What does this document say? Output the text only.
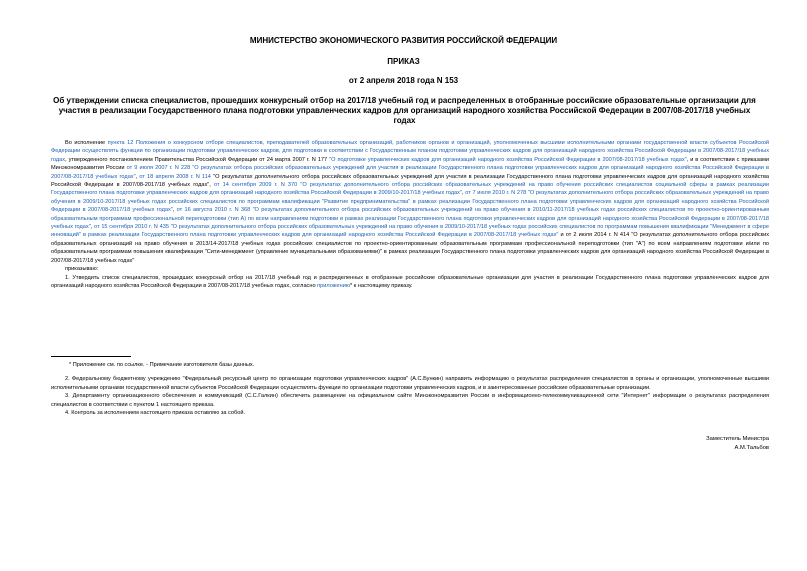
МИНИСТЕРСТВО ЭКОНОМИЧЕСКОГО РАЗВИТИЯ РОССИЙСКОЙ ФЕДЕРАЦИИ
ПРИКАЗ
от 2 апреля 2018 года N 153
Об утверждении списка специалистов, прошедших конкурсный отбор на 2017/18 учебный год и распределенных в отобранные российские образовательные организации для участия в реализации Государственного плана подготовки управленческих кадров для организаций народного хозяйства Российской Федерации в 2007/08-2017/18 учебных годах

Во исполнение пункта 12 Положения о конкурсном отборе специалистов, преподавателей образовательных организаций, работников органов и организаций, уполномоченных высшими исполнительными органами государственной власти субъектов Российской Федерации осуществлять функции по организации подготовки управленческих кадров, для подготовки в соответствии с Государственным планом подготовки управленческих кадров для организаций народного хозяйства Российской Федерации в 2007/08-2017/18 учебных годах, утвержденного постановлением Правительства Российской Федерации от 24 марта 2007 г. N 177 "О подготовке управленческих кадров для организаций народного хозяйства Российской Федерации в 2007/08-2017/18 учебных годах", и в соответствии с приказами Минэкономразвития России от 9 июля 2007 г. N 228 "О результатах отбора российских образовательных учреждений для участия в реализации Государственного плана подготовки управленческих кадров для организаций народного хозяйства Российской Федерации в 2007/08-2017/18 учебных годах", от 18 апреля 2008 г. N 114 "О результатах дополнительного отбора российских образовательных учреждений для участия в реализации Государственного плана подготовки управленческих кадров для организаций народного хозяйства Российской Федерации в 2007/08-2017/18 учебных годах", от 14 сентября 2009 г. N 370 "О результатах дополнительного отбора российских образовательных учреждений на право обучения российских специалистов социальной сферы в рамках реализации Государственного плана подготовки управленческих кадров для организаций народного хозяйства Российской Федерации в 2009/10-2017/18 учебных годах", от 7 июля 2010 г. N 278 "О результатах дополнительного отбора российских образовательных учреждений на право обучения в 2009/10-2017/18 учебных годах российских специалистов по программам квалификации "Развитие предпринимательства" в рамках реализации Государственного плана подготовки управленческих кадров для организаций народного хозяйства Российской Федерации в 2007/08-2017/18 учебных годах", от 16 августа 2010 г. N 368 "О результатах дополнительного отбора российских образовательных учреждений на право обучения в 2010/11-2017/18 учебных годах российских специалистов по проектно-ориентированным образовательным программам профессиональной переподготовки (тип А) по всем направлениям подготовки в рамках реализации Государственного плана подготовки управленческих кадров для организаций народного хозяйства Российской Федерации в 2007/08-2017/18 учебных годах", от 15 сентября 2010 г. N 435 "О результатах дополнительного отбора российских образовательных учреждений на право обучения в 2009/10-2017/18 учебных годах российских специалистов по программам повышения квалификации "Менеджмент в сфере инноваций" в рамках реализации Государственного плана подготовки управленческих кадров для организаций народного хозяйства Российской Федерации в 2007/08-2017/18 учебных годах" и от 2 июля 2014 г. N 414 "О результатах дополнительного отбора российских образовательных организаций на право обучения в 2013/14-2017/18 учебных годах российских специалистов по проектно-ориентированным образовательным программам профессиональной переподготовки (тип "А") по всем направлениям подготовки и/или по образовательным программам повышения квалификации "Сити-менеджмент (управление муниципальными образованиями)" в рамках реализации Государственного плана подготовки управленческих кадров для организаций народного хозяйства Российской Федерации в 2007/08-2017/18 учебных годах"

приказываю:

1. Утвердить список специалистов, прошедших конкурсный отбор на 2017/18 учебный год и распределенных в отобранные российские образовательные организации для участия в реализации Государственного плана подготовки управленческих кадров для организаций народного хозяйства Российской Федерации в 2007/08-2017/18 учебных годах, согласно приложению* к настоящему приказу.

* Приложение см. по ссылке. - Примечание изготовителя базы данных.

2. Федеральному бюджетному учреждению "Федеральный ресурсный центр по организации подготовки управленческих кадров" (А.С.Бункин) направить информацию о результатах распределения специалистов в органы и организации, уполномоченные высшими исполнительными органами государственной власти субъектов Российской Федерации осуществлять функции по организации подготовки управленческих кадров, и в заинтересованные российские образовательные организации.

3. Департаменту организационного обеспечения и коммуникаций (С.С.Галкин) обеспечить размещение на официальном сайте Минэкономразвития России в информационно-телекоммуникационной сети "Интернет" информации о результатах распределения специалистов в соответствии с пунктом 1 настоящего приказа.

4. Контроль за исполнением настоящего приказа оставляю за собой.

Заместитель Министра
А.М.Тальбов
